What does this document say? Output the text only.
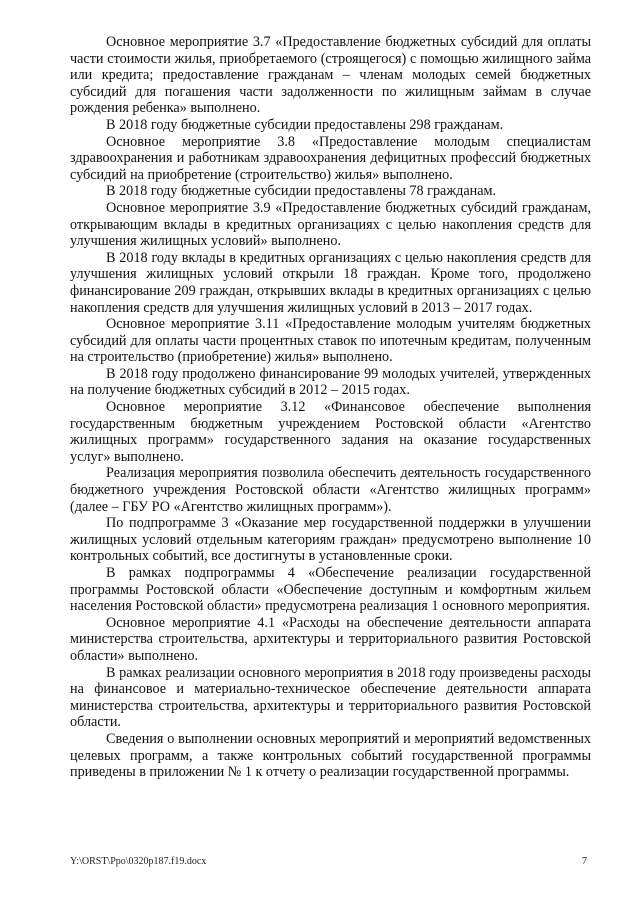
Основное мероприятие 3.7 «Предоставление бюджетных субсидий для оплаты части стоимости жилья, приобретаемого (строящегося) с помощью жилищного займа или кредита; предоставление гражданам – членам молодых семей бюджетных субсидий для погашения части задолженности по жилищным займам в случае рождения ребенка» выполнено.

В 2018 году бюджетные субсидии предоставлены 298 гражданам.

Основное мероприятие 3.8 «Предоставление молодым специалистам здравоохранения и работникам здравоохранения дефицитных профессий бюджетных субсидий на приобретение (строительство) жилья» выполнено.

В 2018 году бюджетные субсидии предоставлены 78 гражданам.

Основное мероприятие 3.9 «Предоставление бюджетных субсидий гражданам, открывающим вклады в кредитных организациях с целью накопления средств для улучшения жилищных условий» выполнено.

В 2018 году вклады в кредитных организациях с целью накопления средств для улучшения жилищных условий открыли 18 граждан. Кроме того, продолжено финансирование 209 граждан, открывших вклады в кредитных организациях с целью накопления средств для улучшения жилищных условий в 2013 – 2017 годах.

Основное мероприятие 3.11 «Предоставление молодым учителям бюджетных субсидий для оплаты части процентных ставок по ипотечным кредитам, полученным на строительство (приобретение) жилья» выполнено.

В 2018 году продолжено финансирование 99 молодых учителей, утвержденных на получение бюджетных субсидий в 2012 – 2015 годах.

Основное мероприятие 3.12 «Финансовое обеспечение выполнения государственным бюджетным учреждением Ростовской области «Агентство жилищных программ» государственного задания на оказание государственных услуг» выполнено.

Реализация мероприятия позволила обеспечить деятельность государственного бюджетного учреждения Ростовской области «Агентство жилищных программ» (далее – ГБУ РО «Агентство жилищных программ»).

По подпрограмме 3 «Оказание мер государственной поддержки в улучшении жилищных условий отдельным категориям граждан» предусмотрено выполнение 10 контрольных событий, все достигнуты в установленные сроки.

В рамках подпрограммы 4 «Обеспечение реализации государственной программы Ростовской области «Обеспечение доступным и комфортным жильем населения Ростовской области» предусмотрена реализация 1 основного мероприятия.

Основное мероприятие 4.1 «Расходы на обеспечение деятельности аппарата министерства строительства, архитектуры и территориального развития Ростовской области» выполнено.

В рамках реализации основного мероприятия в 2018 году произведены расходы на финансовое и материально-техническое обеспечение деятельности аппарата министерства строительства, архитектуры и территориального развития Ростовской области.

Сведения о выполнении основных мероприятий и мероприятий ведомственных целевых программ, а также контрольных событий государственной программы приведены в приложении № 1 к отчету о реализации государственной программы.

Y:\ORST\Ppo\0320p187.f19.docx	7
